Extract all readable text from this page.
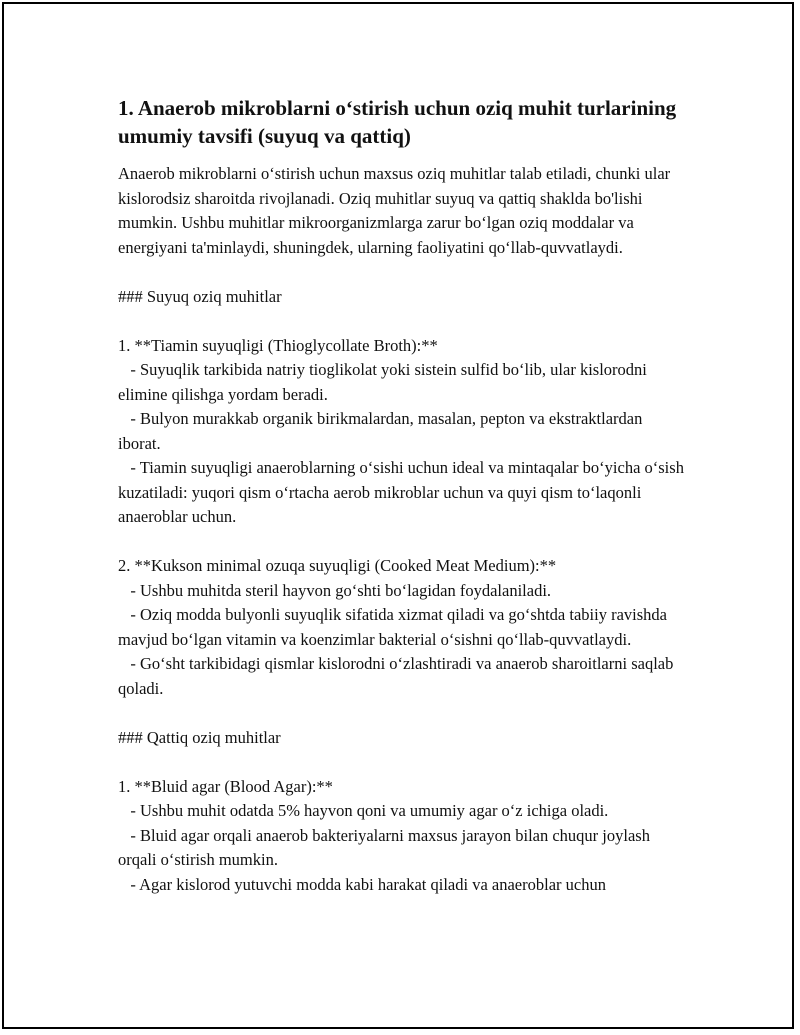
1. Anaerob mikroblarni o‘stirish uchun oziq muhit turlarining umumiy tavsifi (suyuq va qattiq)

Anaerob mikroblarni o‘stirish uchun maxsus oziq muhitlar talab etiladi, chunki ular kislorodsiz sharoitda rivojlanadi. Oziq muhitlar suyuq va qattiq shaklda bo'lishi mumkin. Ushbu muhitlar mikroorganizmlarga zarur bo‘lgan oziq moddalar va energiyani ta'minlaydi, shuningdek, ularning faoliyatini qo‘llab-quvvatlaydi.

### Suyuq oziq muhitlar

1. **Tiamin suyuqligi (Thioglycollate Broth):**

- Suyuqlik tarkibida natriy tioglikolat yoki sistein sulfid bo‘lib, ular kislorodni elimine qilishga yordam beradi.

- Bulyon murakkab organik birikmalardan, masalan, pepton va ekstraktlardan iborat.

- Tiamin suyuqligi anaeroblarning o‘sishi uchun ideal va mintaqalar bo‘yicha o‘sish kuzatiladi: yuqori qism o‘rtacha aerob mikroblar uchun va quyi qism to‘laqonli anaeroblar uchun.

2. **Kukson minimal ozuqa suyuqligi (Cooked Meat Medium):**

- Ushbu muhitda steril hayvon go‘shti bo‘lagidan foydalaniladi.

- Oziq modda bulyonli suyuqlik sifatida xizmat qiladi va go‘shtda tabiiy ravishda mavjud bo‘lgan vitamin va koenzimlar bakterial o‘sishni qo‘llab-quvvatlaydi.

- Go‘sht tarkibidagi qismlar kislorodni o‘zlashtiradi va anaerob sharoitlarni saqlab qoladi.

### Qattiq oziq muhitlar

1. **Bluid agar (Blood Agar):**

- Ushbu muhit odatda 5% hayvon qoni va umumiy agar o‘z ichiga oladi.

- Bluid agar orqali anaerob bakteriyalarni maxsus jarayon bilan chuqur joylash orqali o‘stirish mumkin.

- Agar kislorod yutuvchi modda kabi harakat qiladi va anaeroblar uchun
